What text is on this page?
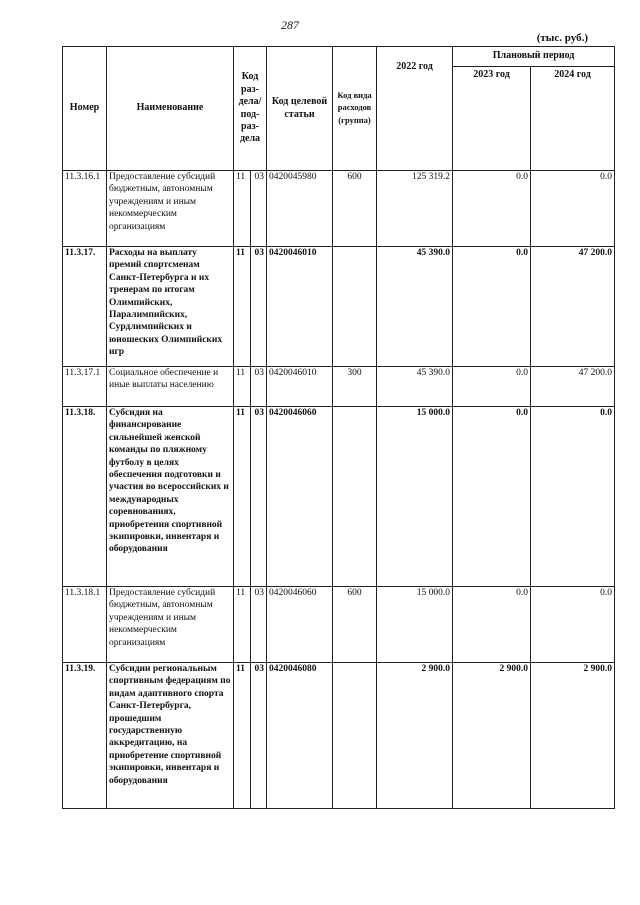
287
(тыс. руб.)
Номер	Наименование	Код раз-дела/ под-раз-дела		Код целевой статьи	Код вида расходов (группа)	2022 год	Плановый период	
							2023 год	2024 год
11.3.16.1	Предоставление субсидий бюджетным, автономным учреждениям и иным некоммерческим организациям	11	03	0420045980	600	125 319.2	0.0	0.0
11.3.17.	Расходы на выплату премий спортсменам Санкт-Петербурга и их тренерам по итогам Олимпийских, Паралимпийских, Сурдлимпийских и юношеских Олимпийских игр	11	03	0420046010		45 390.0	0.0	47 200.0
11.3.17.1	Социальное обеспечение и иные выплаты населению	11	03	0420046010	300	45 390.0	0.0	47 200.0
11.3.18.	Субсидия на финансирование сильнейшей женской команды по пляжному футболу в целях обеспечения подготовки и участия во всероссийских и международных соревнованиях, приобретения спортивной экипировки, инвентаря и оборудования	11	03	0420046060		15 000.0	0.0	0.0
11.3.18.1	Предоставление субсидий бюджетным, автономным учреждениям и иным некоммерческим организациям	11	03	0420046060	600	15 000.0	0.0	0.0
11.3.19.	Субсидии региональным спортивным федерациям по видам адаптивного спорта Санкт-Петербурга, прошедшим государственную аккредитацию, на приобретение спортивной экипировки, инвентаря и оборудования	11	03	0420046080		2 900.0	2 900.0	2 900.0
